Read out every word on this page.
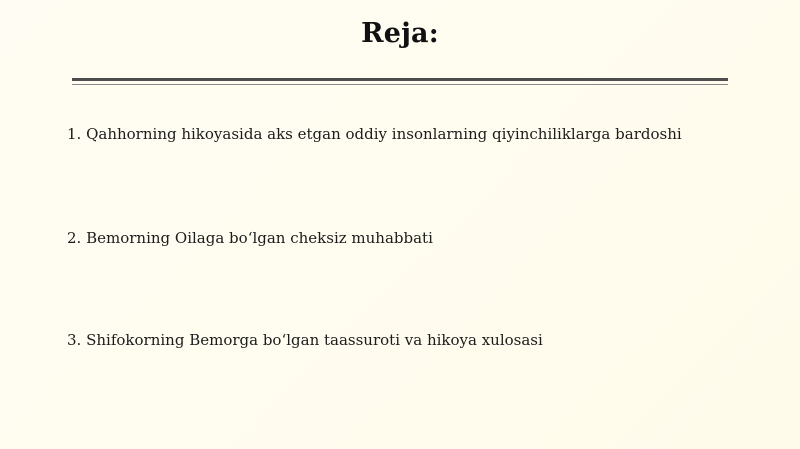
Reja:
1. Qahhorning hikoyasida aks etgan oddiy insonlarning qiyinchiliklarga bardoshi
2. Bemorning Oilaga bo‘lgan cheksiz muhabbati
3. Shifokorning Bemorga bo‘lgan taassuroti va hikoya xulosasi
